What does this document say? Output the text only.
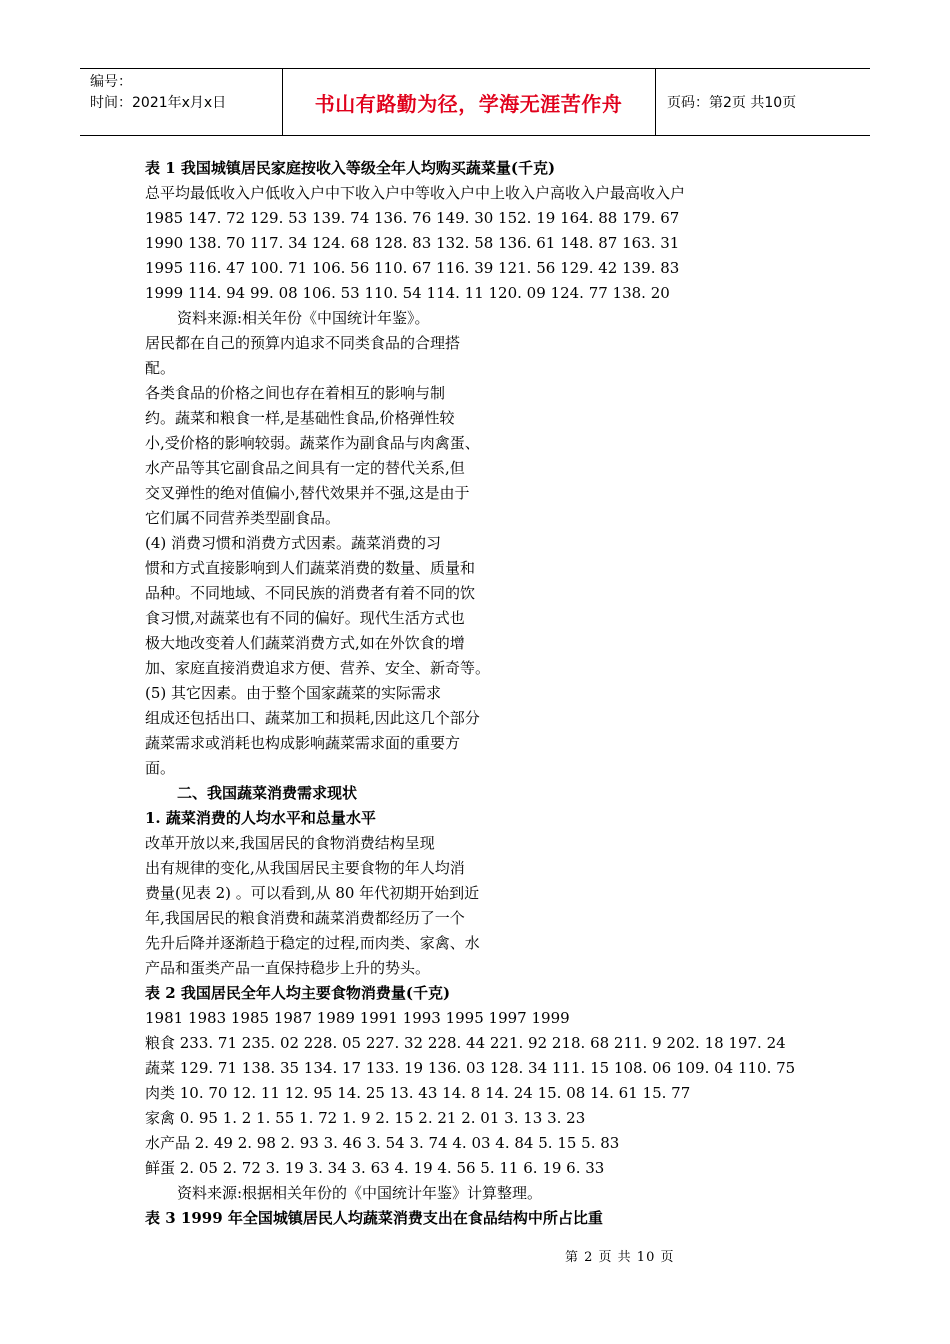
编号：
时间：2021年x月x日	书山有路勤为径，学海无涯苦作舟	页码：第2页 共10页
表 1 我国城镇居民家庭按收入等级全年人均购买蔬菜量(千克)
总平均最低收入户低收入户中下收入户中等收入户中上收入户高收入户最高收入户
1985 147. 72 129. 53 139. 74 136. 76 149. 30 152. 19 164. 88 179. 67
1990 138. 70 117. 34 124. 68 128. 83 132. 58 136. 61 148. 87 163. 31
1995 116. 47 100. 71 106. 56 110. 67 116. 39 121. 56 129. 42 139. 83
1999 114. 94 99. 08 106. 53 110. 54 114. 11 120. 09 124. 77 138. 20
资料来源:相关年份《中国统计年鉴》。
居民都在自己的预算内追求不同类食品的合理搭
配。
各类食品的价格之间也存在着相互的影响与制
约。蔬菜和粮食一样,是基础性食品,价格弹性较
小,受价格的影响较弱。蔬菜作为副食品与肉禽蛋、
水产品等其它副食品之间具有一定的替代关系,但
交叉弹性的绝对值偏小,替代效果并不强,这是由于
它们属不同营养类型副食品。
(4) 消费习惯和消费方式因素。蔬菜消费的习
惯和方式直接影响到人们蔬菜消费的数量、质量和
品种。不同地域、不同民族的消费者有着不同的饮
食习惯,对蔬菜也有不同的偏好。现代生活方式也
极大地改变着人们蔬菜消费方式,如在外饮食的增
加、家庭直接消费追求方便、营养、安全、新奇等。
(5) 其它因素。由于整个国家蔬菜的实际需求
组成还包括出口、蔬菜加工和损耗,因此这几个部分
蔬菜需求或消耗也构成影响蔬菜需求面的重要方
面。
二、我国蔬菜消费需求现状
1. 蔬菜消费的人均水平和总量水平
改革开放以来,我国居民的食物消费结构呈现
出有规律的变化,从我国居民主要食物的年人均消
费量(见表 2) 。可以看到,从 80 年代初期开始到近
年,我国居民的粮食消费和蔬菜消费都经历了一个
先升后降并逐渐趋于稳定的过程,而肉类、家禽、水
产品和蛋类产品一直保持稳步上升的势头。
表 2 我国居民全年人均主要食物消费量(千克)
1981 1983 1985 1987 1989 1991 1993 1995 1997 1999
粮食 233. 71 235. 02 228. 05 227. 32 228. 44 221. 92 218. 68 211. 9 202. 18 197. 24
蔬菜 129. 71 138. 35 134. 17 133. 19 136. 03 128. 34 111. 15 108. 06 109. 04 110. 75
肉类 10. 70 12. 11 12. 95 14. 25 13. 43 14. 8 14. 24 15. 08 14. 61 15. 77
家禽 0. 95 1. 2 1. 55 1. 72 1. 9 2. 15 2. 21 2. 01 3. 13 3. 23
水产品 2. 49 2. 98 2. 93 3. 46 3. 54 3. 74 4. 03 4. 84 5. 15 5. 83
鲜蛋 2. 05 2. 72 3. 19 3. 34 3. 63 4. 19 4. 56 5. 11 6. 19 6. 33
资料来源:根据相关年份的《中国统计年鉴》计算整理。
表 3 1999 年全国城镇居民人均蔬菜消费支出在食品结构中所占比重
第 2 页 共 10 页
